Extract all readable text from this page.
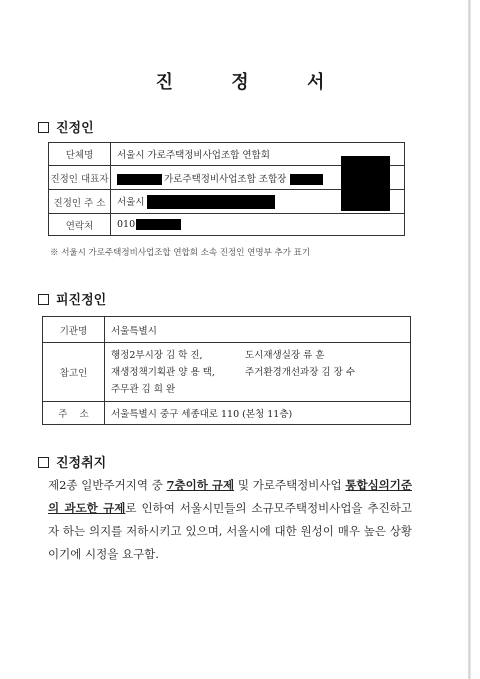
진 정 서
진정인
단체명	서울시 가로주택정비사업조합 연합회
진정인 대표자	가로주택정비사업조합 조합장
진정인 주 소	서울시
연락처	010
※ 서울시 가로주택정비사업조합 연합회 소속 진정인 연명부 추가 표기
피진정인
기관명	서울특별시
참고인	행정2부시장 김 학 진, 도시재생실장 류 훈
재생정책기획관 양 용 택, 주거환경개선과장 김 장 수
주무관 김 희 완

주    소	서울특별시 중구 세종대로 110 (본청 11층)
진정취지
제2종 일반주거지역 중 7층이하 규제 및 가로주택정비사업 통합심의기준의 과도한 규제로 인하여 서울시민들의 소규모주택정비사업을 추진하고자 하는 의지를 저하시키고 있으며, 서울시에 대한 원성이 매우 높은 상황이기에 시정을 요구함.
